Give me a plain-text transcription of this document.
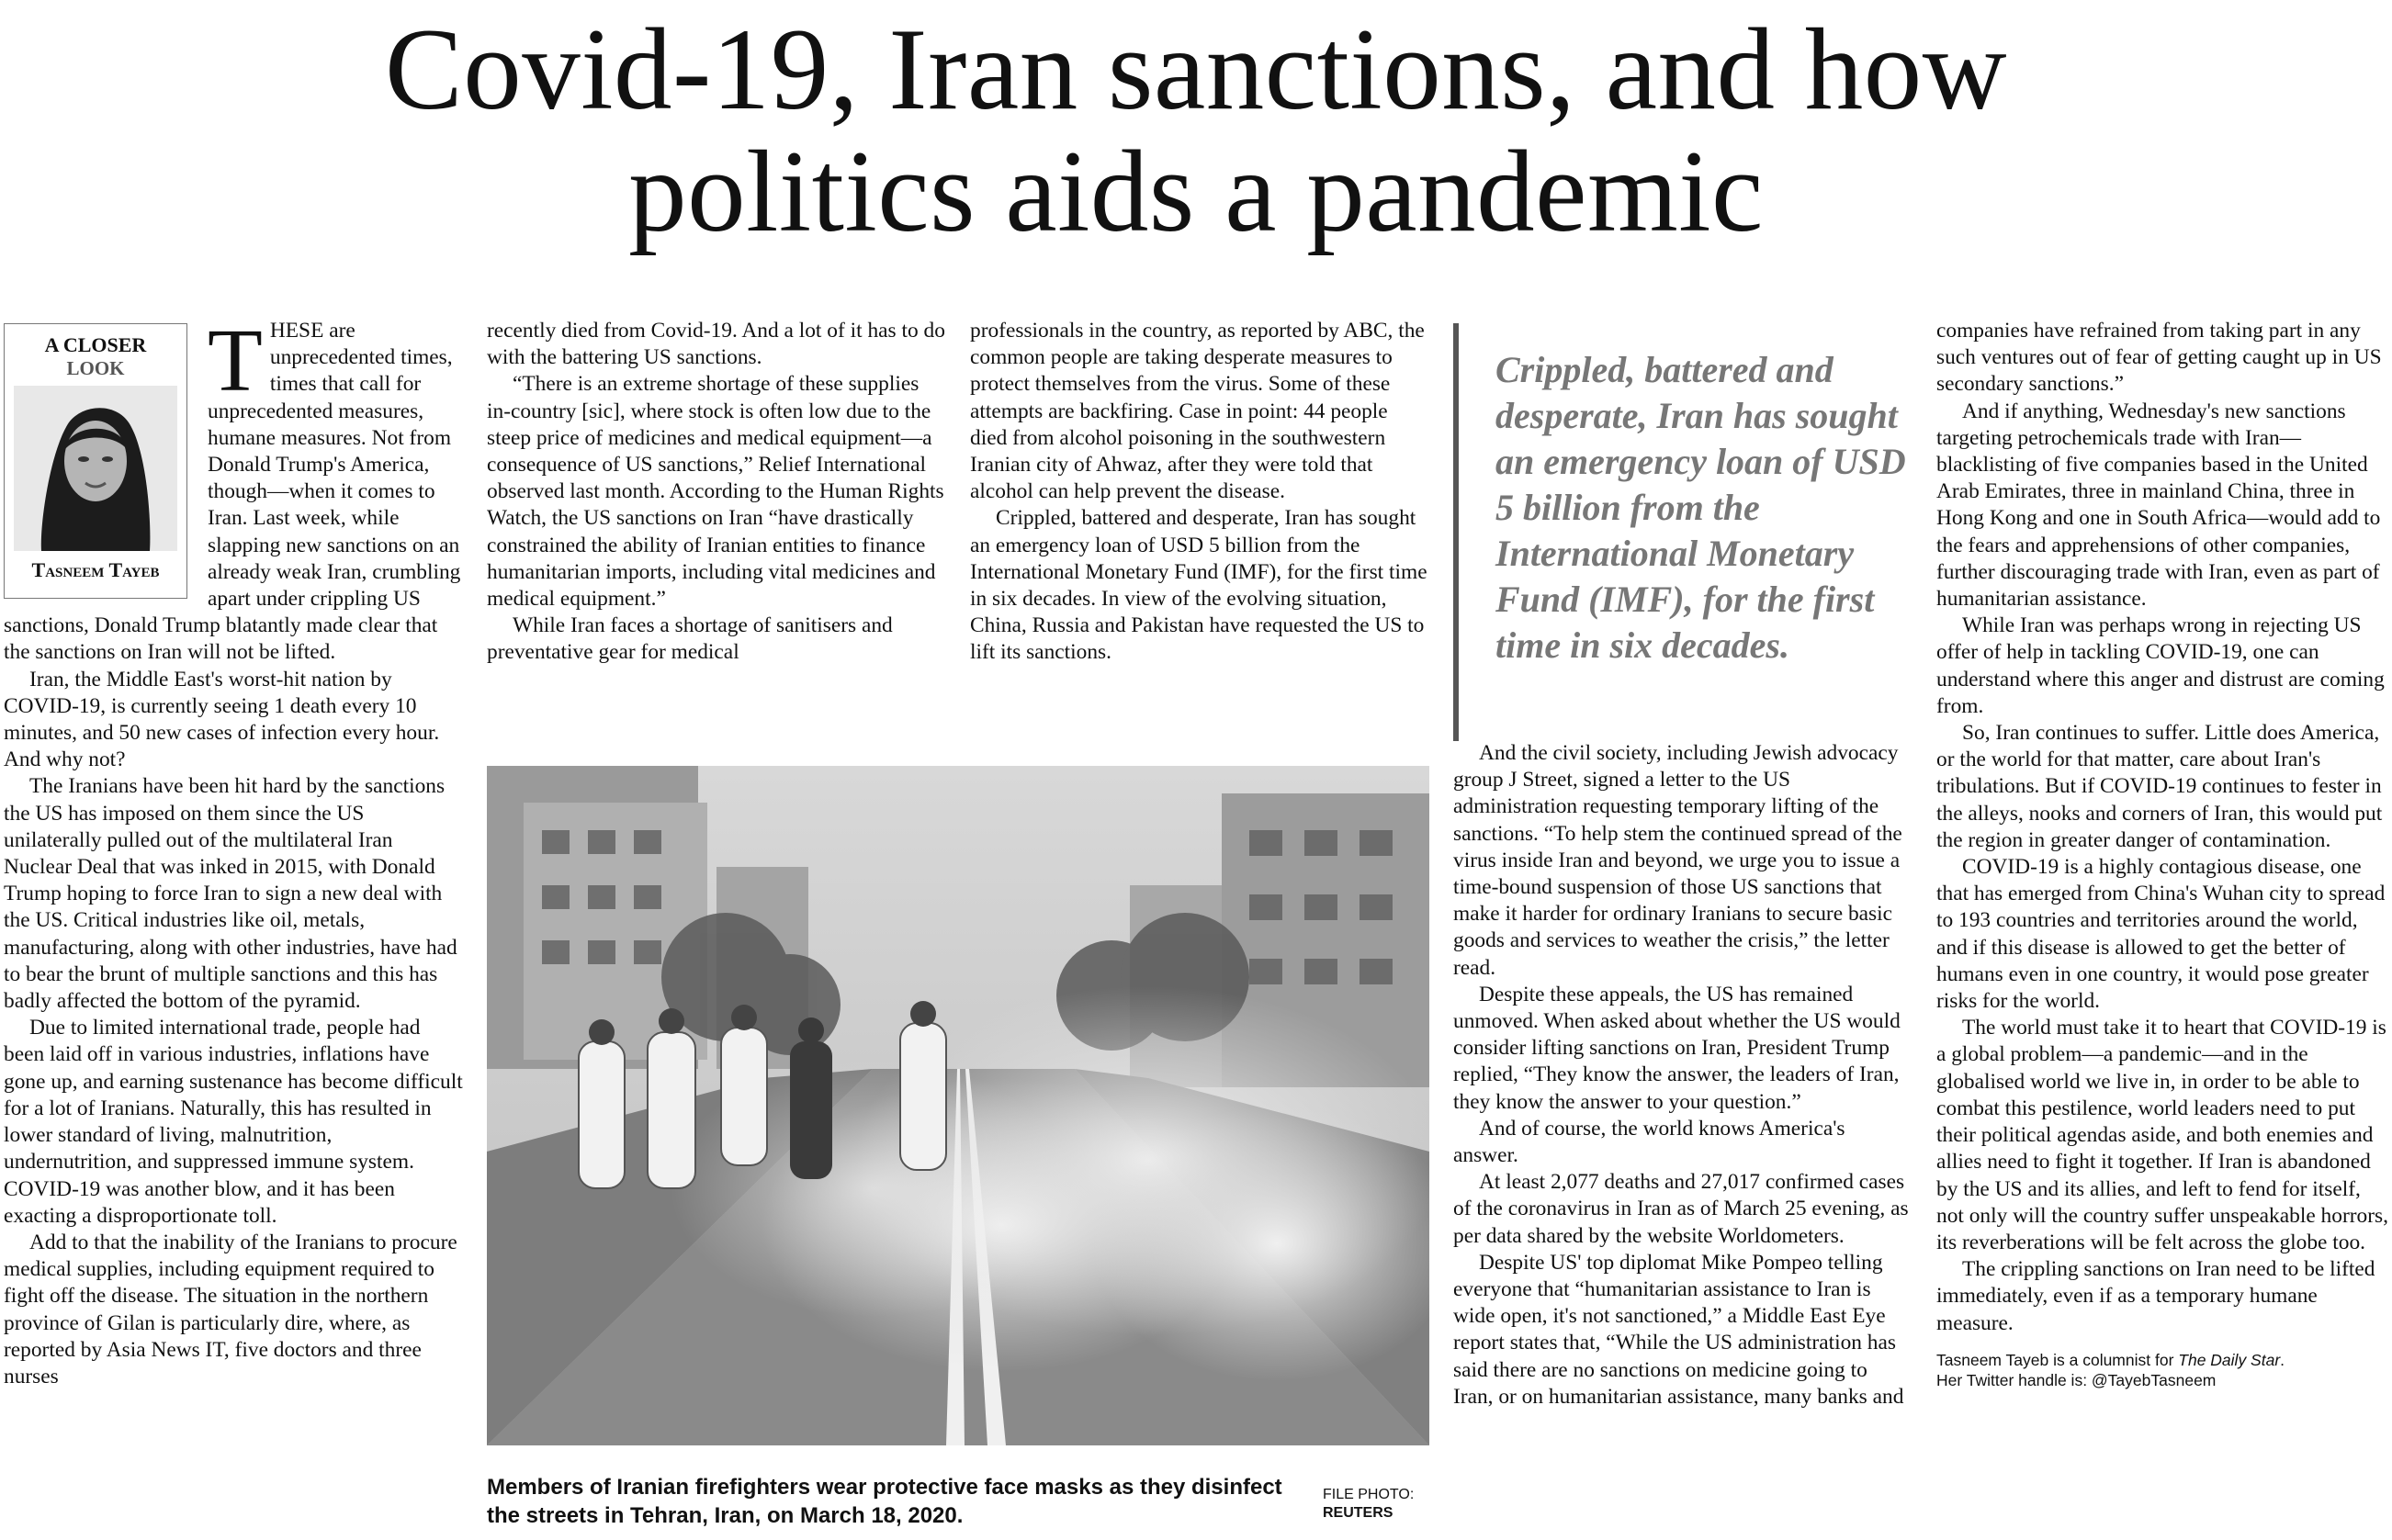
Covid-19, Iran sanctions, and how
politics aids a pandemic
A CLOSER
LOOK
Tasneem Tayeb

THESE are unprecedented times, times that call for unprecedented measures, humane measures. Not from Donald Trump's America, though—when it comes to Iran. Last week, while slapping new sanctions on an already weak Iran, crumbling apart under crippling US sanctions, Donald Trump blatantly made clear that the sanctions on Iran will not be lifted.

Iran, the Middle East's worst-hit nation by COVID-19, is currently seeing 1 death every 10 minutes, and 50 new cases of infection every hour. And why not?

The Iranians have been hit hard by the sanctions the US has imposed on them since the US unilaterally pulled out of the multilateral Iran Nuclear Deal that was inked in 2015, with Donald Trump hoping to force Iran to sign a new deal with the US. Critical industries like oil, metals, manufacturing, along with other industries, have had to bear the brunt of multiple sanctions and this has badly affected the bottom of the pyramid.

Due to limited international trade, people had been laid off in various industries, inflations have gone up, and earning sustenance has become difficult for a lot of Iranians. Naturally, this has resulted in lower standard of living, malnutrition, undernutrition, and suppressed immune system. COVID-19 was another blow, and it has been exacting a disproportionate toll.

Add to that the inability of the Iranians to procure medical supplies, including equipment required to fight off the disease. The situation in the northern province of Gilan is particularly dire, where, as reported by Asia News IT, five doctors and three nurses

recently died from Covid-19. And a lot of it has to do with the battering US sanctions.

“There is an extreme shortage of these supplies in-country [sic], where stock is often low due to the steep price of medicines and medical equipment—a consequence of US sanctions,” Relief International observed last month. According to the Human Rights Watch, the US sanctions on Iran “have drastically constrained the ability of Iranian entities to finance humanitarian imports, including vital medicines and medical equipment.”

While Iran faces a shortage of sanitisers and preventative gear for medical

professionals in the country, as reported by ABC, the common people are taking desperate measures to protect themselves from the virus. Some of these attempts are backfiring. Case in point: 44 people died from alcohol poisoning in the southwestern Iranian city of Ahwaz, after they were told that alcohol can help prevent the disease.

Crippled, battered and desperate, Iran has sought an emergency loan of USD 5 billion from the International Monetary Fund (IMF), for the first time in six decades. In view of the evolving situation, China, Russia and Pakistan have requested the US to lift its sanctions.

Crippled, battered and desperate, Iran has sought an emergency loan of USD 5 billion from the International Monetary Fund (IMF), for the first time in six decades.
Members of Iranian firefighters wear protective face masks as they disinfect the streets in Tehran, Iran, on March 18, 2020.
FILE PHOTO:
REUTERS

And the civil society, including Jewish advocacy group J Street, signed a letter to the US administration requesting temporary lifting of the sanctions. “To help stem the continued spread of the virus inside Iran and beyond, we urge you to issue a time-bound suspension of those US sanctions that make it harder for ordinary Iranians to secure basic goods and services to weather the crisis,” the letter read.

Despite these appeals, the US has remained unmoved. When asked about whether the US would consider lifting sanctions on Iran, President Trump replied, “They know the answer, the leaders of Iran, they know the answer to your question.”

And of course, the world knows America's answer.

At least 2,077 deaths and 27,017 confirmed cases of the coronavirus in Iran as of March 25 evening, as per data shared by the website Worldometers.

Despite US' top diplomat Mike Pompeo telling everyone that “humanitarian assistance to Iran is wide open, it's not sanctioned,” a Middle East Eye report states that, “While the US administration has said there are no sanctions on medicine going to Iran, or on humanitarian assistance, many banks and

companies have refrained from taking part in any such ventures out of fear of getting caught up in US secondary sanctions.”

And if anything, Wednesday's new sanctions targeting petrochemicals trade with Iran—blacklisting of five companies based in the United Arab Emirates, three in mainland China, three in Hong Kong and one in South Africa—would add to the fears and apprehensions of other companies, further discouraging trade with Iran, even as part of humanitarian assistance.

While Iran was perhaps wrong in rejecting US offer of help in tackling COVID-19, one can understand where this anger and distrust are coming from.

So, Iran continues to suffer. Little does America, or the world for that matter, care about Iran's tribulations. But if COVID-19 continues to fester in the alleys, nooks and corners of Iran, this would put the region in greater danger of contamination.

COVID-19 is a highly contagious disease, one that has emerged from China's Wuhan city to spread to 193 countries and territories around the world, and if this disease is allowed to get the better of humans even in one country, it would pose greater risks for the world.

The world must take it to heart that COVID-19 is a global problem—a pandemic—and in the globalised world we live in, in order to be able to combat this pestilence, world leaders need to put their political agendas aside, and both enemies and allies need to fight it together. If Iran is abandoned by the US and its allies, and left to fend for itself, not only will the country suffer unspeakable horrors, its reverberations will be felt across the globe too.

The crippling sanctions on Iran need to be lifted immediately, even if as a temporary humane measure.

Tasneem Tayeb is a columnist for The Daily Star.
Her Twitter handle is: @TayebTasneem
